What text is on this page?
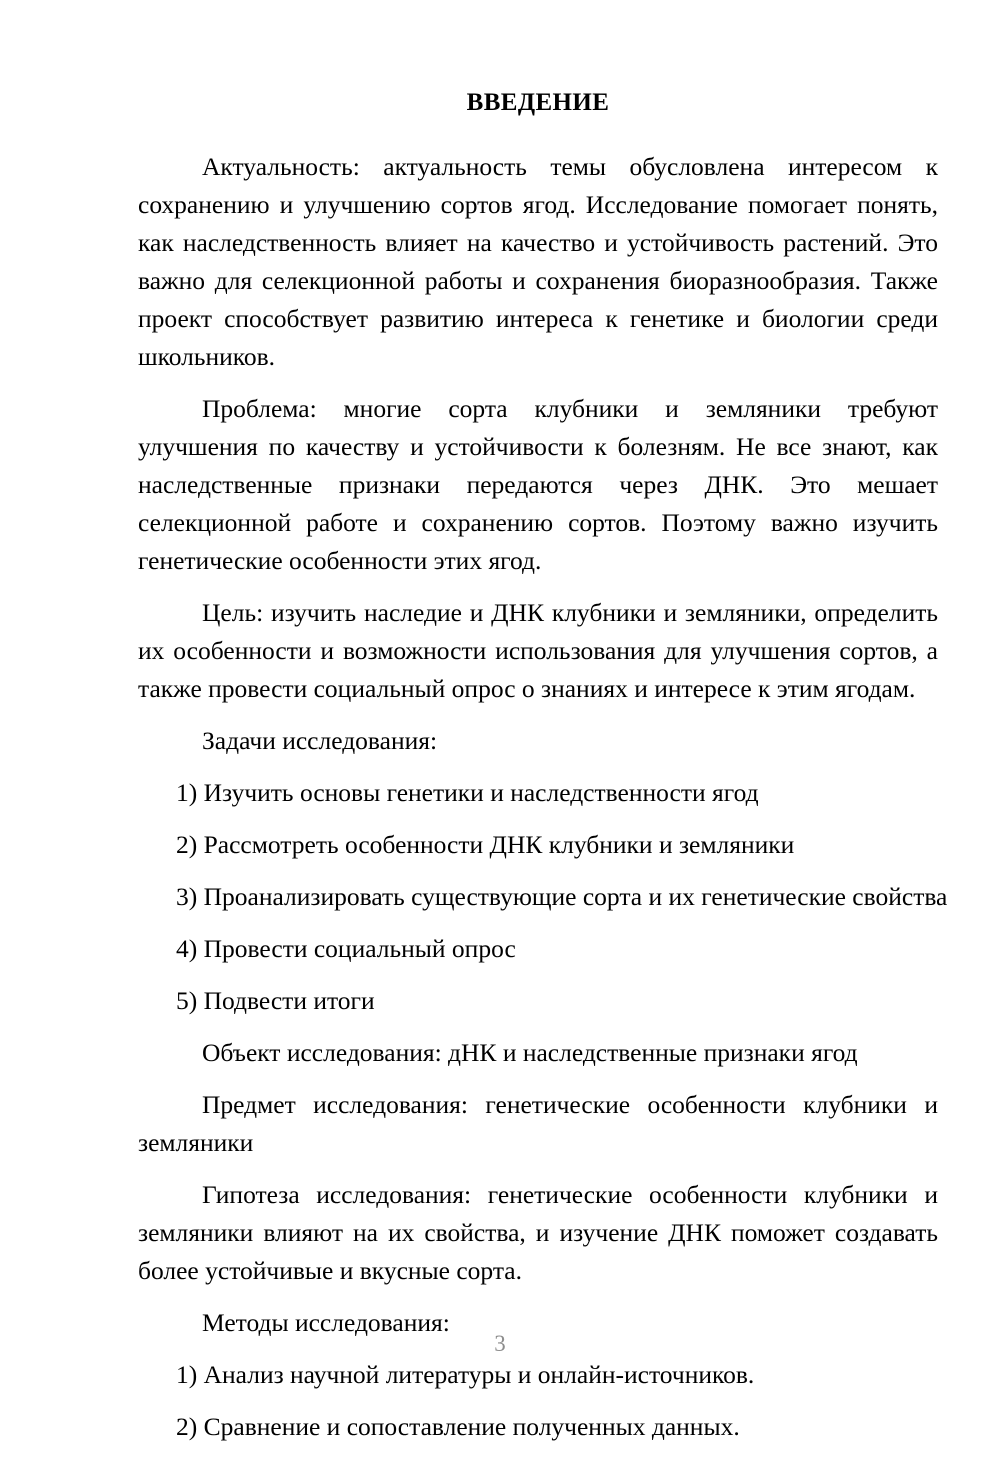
ВВЕДЕНИЕ

Актуальность: актуальность темы обусловлена интересом к сохранению и улучшению сортов ягод. Исследование помогает понять, как наследственность влияет на качество и устойчивость растений. Это важно для селекционной работы и сохранения биоразнообразия. Также проект способствует развитию интереса к генетике и биологии среди школьников.

Проблема: многие сорта клубники и земляники требуют улучшения по качеству и устойчивости к болезням. Не все знают, как наследственные признаки передаются через ДНК. Это мешает селекционной работе и сохранению сортов. Поэтому важно изучить генетические особенности этих ягод.

Цель: изучить наследие и ДНК клубники и земляники, определить их особенности и возможности использования для улучшения сортов, а также провести социальный опрос о знаниях и интересе к этим ягодам.

Задачи исследования:

1) Изучить основы генетики и наследственности ягод
2) Рассмотреть особенности ДНК клубники и земляники
3) Проанализировать существующие сорта и их генетические свойства
4) Провести социальный опрос
5) Подвести итоги

Объект исследования: дНК и наследственные признаки ягод

Предмет исследования: генетические особенности клубники и земляники

Гипотеза исследования: генетические особенности клубники и земляники влияют на их свойства, и изучение ДНК поможет создавать более устойчивые и вкусные сорта.

Методы исследования:

1) Анализ научной литературы и онлайн-источников.
2) Сравнение и сопоставление полученных данных.
3
